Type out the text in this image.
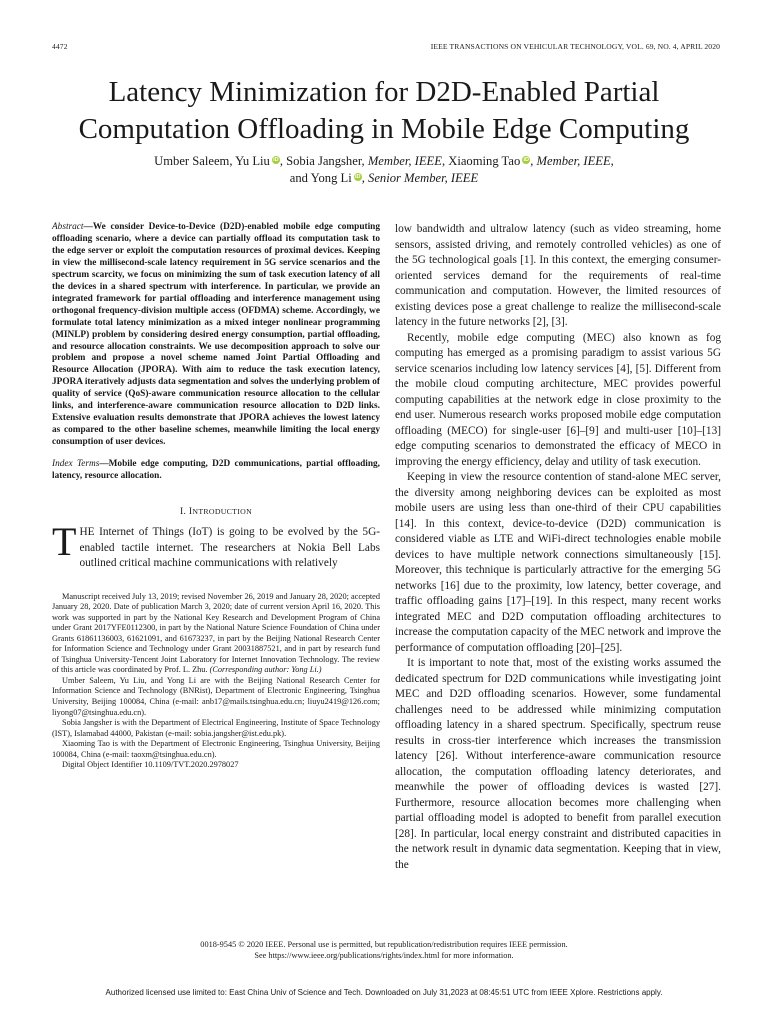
4472	IEEE TRANSACTIONS ON VEHICULAR TECHNOLOGY, VOL. 69, NO. 4, APRIL 2020
Latency Minimization for D2D-Enabled Partial Computation Offloading in Mobile Edge Computing
Umber Saleem, Yu Liu iD, Sobia Jangsher, Member, IEEE, Xiaoming Tao iD, Member, IEEE,
and Yong Li iD, Senior Member, IEEE

Abstract—We consider Device-to-Device (D2D)-enabled mobile edge computing offloading scenario, where a device can partially offload its computation task to the edge server or exploit the computation resources of proximal devices. Keeping in view the millisecond-scale latency requirement in 5G service scenarios and the spectrum scarcity, we focus on minimizing the sum of task execution latency of all the devices in a shared spectrum with interference. In particular, we provide an integrated framework for partial offloading and interference management using orthogonal frequency-division multiple access (OFDMA) scheme. Accordingly, we formulate total latency minimization as a mixed integer nonlinear programming (MINLP) problem by considering desired energy consumption, partial offloading, and resource allocation constraints. We use decomposition approach to solve our problem and propose a novel scheme named Joint Partial Offloading and Resource Allocation (JPORA). With aim to reduce the task execution latency, JPORA iteratively adjusts data segmentation and solves the underlying problem of quality of service (QoS)-aware communication resource allocation to the cellular links, and interference-aware communication resource allocation to D2D links. Extensive evaluation results demonstrate that JPORA achieves the lowest latency as compared to the other baseline schemes, meanwhile limiting the local energy consumption of user devices.

Index Terms—Mobile edge computing, D2D communications, partial offloading, latency, resource allocation.

I. INTRODUCTION

THE Internet of Things (IoT) is going to be evolved by the 5G-enabled tactile internet. The researchers at Nokia Bell Labs outlined critical machine communications with relatively

Manuscript received July 13, 2019; revised November 26, 2019 and January 28, 2020; accepted January 28, 2020. Date of publication March 3, 2020; date of current version April 16, 2020. This work was supported in part by the National Key Research and Development Program of China under Grant 2017YFE0112300, in part by the National Nature Science Foundation of China under Grants 61861136003, 61621091, and 61673237, in part by the Beijing National Research Center for Information Science and Technology under Grant 20031887521, and in part by research fund of Tsinghua University-Tencent Joint Laboratory for Internet Innovation Technology. The review of this article was coordinated by Prof. L. Zhu. (Corresponding author: Yong Li.)

Umber Saleem, Yu Liu, and Yong Li are with the Beijing National Research Center for Information Science and Technology (BNRist), Department of Electronic Engineering, Tsinghua University, Beijing 100084, China (e-mail: anb17@mails.tsinghua.edu.cn; liuyu2419@126.com; liyong07@tsinghua.edu.cn).

Sobia Jangsher is with the Department of Electrical Engineering, Institute of Space Technology (IST), Islamabad 44000, Pakistan (e-mail: sobia.jangsher@ist.edu.pk).

Xiaoming Tao is with the Department of Electronic Engineering, Tsinghua University, Beijing 100084, China (e-mail: taoxm@tsinghua.edu.cn).

Digital Object Identifier 10.1109/TVT.2020.2978027

low bandwidth and ultralow latency (such as video streaming, home sensors, assisted driving, and remotely controlled vehicles) as one of the 5G technological goals [1]. In this context, the emerging consumer-oriented services demand for the requirements of real-time communication and computation. However, the limited resources of existing devices pose a great challenge to realize the millisecond-scale latency in the future networks [2], [3].

Recently, mobile edge computing (MEC) also known as fog computing has emerged as a promising paradigm to assist various 5G service scenarios including low latency services [4], [5]. Different from the mobile cloud computing architecture, MEC provides powerful computing capabilities at the network edge in close proximity to the end user. Numerous research works proposed mobile edge computation offloading (MECO) for single-user [6]–[9] and multi-user [10]–[13] edge computing scenarios to demonstrated the efficacy of MECO in improving the energy efficiency, delay and utility of task execution.

Keeping in view the resource contention of stand-alone MEC server, the diversity among neighboring devices can be exploited as most mobile users are using less than one-third of their CPU capabilities [14]. In this context, device-to-device (D2D) communication is considered viable as LTE and WiFi-direct technologies enable mobile devices to have multiple network connections simultaneously [15]. Moreover, this technique is particularly attractive for the emerging 5G networks [16] due to the proximity, low latency, better coverage, and traffic offloading gains [17]–[19]. In this respect, many recent works integrated MEC and D2D computation offloading architectures to increase the computation capacity of the MEC network and improve the performance of computation offloading [20]–[25].

It is important to note that, most of the existing works assumed the dedicated spectrum for D2D communications while investigating joint MEC and D2D offloading scenarios. However, some fundamental challenges need to be addressed while minimizing computation offloading latency in a shared spectrum. Specifically, spectrum reuse results in cross-tier interference which increases the transmission latency [26]. Without interference-aware communication resource allocation, the computation offloading latency deteriorates, and meanwhile the power of offloading devices is wasted [27]. Furthermore, resource allocation becomes more challenging when partial offloading model is adopted to benefit from parallel execution [28]. In particular, local energy constraint and distributed capacities in the network result in dynamic data segmentation. Keeping that in view, the

0018-9545 © 2020 IEEE. Personal use is permitted, but republication/redistribution requires IEEE permission.
See https://www.ieee.org/publications/rights/index.html for more information.
Authorized licensed use limited to: East China Univ of Science and Tech. Downloaded on July 31,2023 at 08:45:51 UTC from IEEE Xplore. Restrictions apply.
